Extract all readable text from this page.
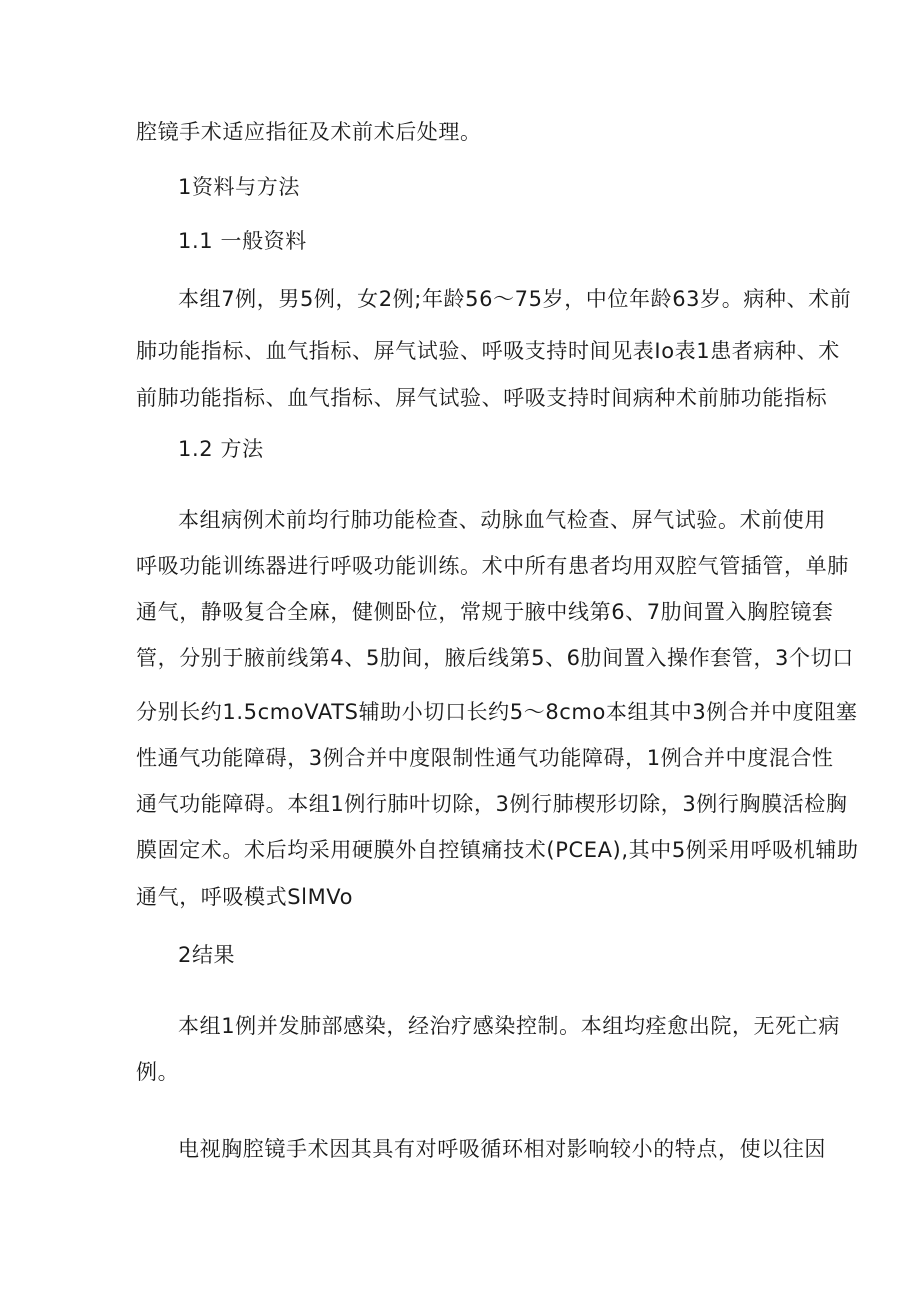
腔镜手术适应指征及术前术后处理。
1资料与方法
1.1 一般资料
本组7例，男5例，女2例;年龄56～75岁，中位年龄63岁。病种、术前
肺功能指标、血气指标、屏气试验、呼吸支持时间见表Io表1患者病种、术
前肺功能指标、血气指标、屏气试验、呼吸支持时间病种术前肺功能指标
1.2 方法
本组病例术前均行肺功能检查、动脉血气检查、屏气试验。术前使用
呼吸功能训练器进行呼吸功能训练。术中所有患者均用双腔气管插管，单肺
通气，静吸复合全麻，健侧卧位，常规于腋中线第6、7肋间置入胸腔镜套
管，分别于腋前线第4、5肋间，腋后线第5、6肋间置入操作套管，3个切口
分别长约1.5cmoVATS辅助小切口长约5～8cmo本组其中3例合并中度阻塞
性通气功能障碍，3例合并中度限制性通气功能障碍，1例合并中度混合性
通气功能障碍。本组1例行肺叶切除，3例行肺楔形切除，3例行胸膜活检胸
膜固定术。术后均采用硬膜外自控镇痛技术(PCEA),其中5例采用呼吸机辅助
通气，呼吸模式SlMVo
2结果
本组1例并发肺部感染，经治疗感染控制。本组均痊愈出院，无死亡病
例。
电视胸腔镜手术因其具有对呼吸循环相对影响较小的特点，使以往因
